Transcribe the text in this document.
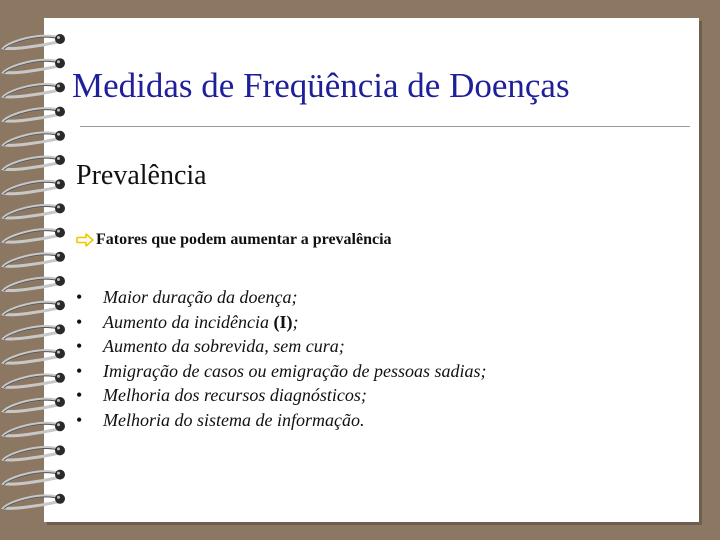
Medidas de Freqüência de Doenças
Prevalência
Fatores que podem aumentar a prevalência
• Maior duração da doença;
• Aumento da incidência (I);
• Aumento da sobrevida, sem cura;
• Imigração de casos ou emigração de pessoas sadias;
• Melhoria dos recursos diagnósticos;
• Melhoria do sistema de informação.
